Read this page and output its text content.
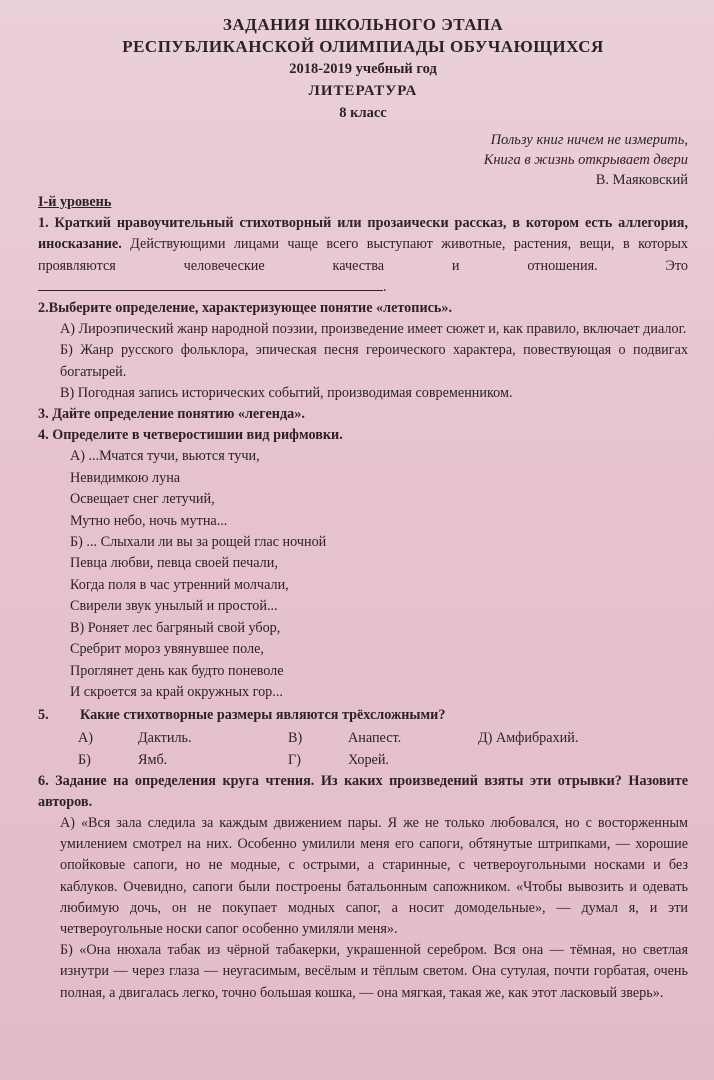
ЗАДАНИЯ ШКОЛЬНОГО ЭТАПА
РЕСПУБЛИКАНСКОЙ ОЛИМПИАДЫ ОБУЧАЮЩИХСЯ
2018-2019 учебный год
ЛИТЕРАТУРА
8 класс
Пользу книг ничем не измерить,
Книга в жизнь открывает двери
В. Маяковский
I-й уровень
1. Краткий нравоучительный стихотворный или прозаически рассказ, в котором есть аллегория, иносказание. Действующими лицами чаще всего выступают животные, растения, вещи, в которых проявляются человеческие качества и отношения. Это .
2.Выберите определение, характеризующее понятие «летопись».
А) Лироэпический жанр народной поэзии, произведение имеет сюжет и, как правило, включает диалог.
Б) Жанр русского фольклора, эпическая песня героического характера, повествующая о подвигах богатырей.
В) Погодная запись исторических событий, производимая современником.
3. Дайте определение понятию «легенда».
4. Определите в четверостишии вид рифмовки.
А) ...Мчатся тучи, вьются тучи,
Невидимкою луна
Освещает снег летучий,
Мутно небо, ночь мутна...
Б) ... Слыхали ли вы за рощей глас ночной
Певца любви, певца своей печали,
Когда поля в час утренний молчали,
Свирели звук унылый и простой...
В) Роняет лес багряный свой убор,
Сребрит мороз увянувшее поле,
Проглянет день как будто поневоле
И скроется за край окружных гор...
5. Какие стихотворные размеры являются трёхсложными?
А)	Дактиль.	В)	Анапест.	Д) Амфибрахий.
Б)	Ямб.	Г)	Хорей.	
6. Задание на определения круга чтения. Из каких произведений взяты эти отрывки? Назовите авторов.
А) «Вся зала следила за каждым движением пары. Я же не только любовался, но с восторженным умилением смотрел на них. Особенно умилили меня его сапоги, обтянутые штрипками, — хорошие опойковые сапоги, но не модные, с острыми, а старинные, с четвероугольными носками и без каблуков. Очевидно, сапоги были построены батальонным сапожником. «Чтобы вывозить и одевать любимую дочь, он не покупает модных сапог, а носит домодельные», — думал я, и эти четвероугольные носки сапог особенно умиляли меня».
Б) «Она нюхала табак из чёрной табакерки, украшенной серебром. Вся она — тёмная, но светлая изнутри — через глаза — неугасимым, весёлым и тёплым светом. Она сутулая, почти горбатая, очень полная, а двигалась легко, точно большая кошка, — она мягкая, такая же, как этот ласковый зверь».
